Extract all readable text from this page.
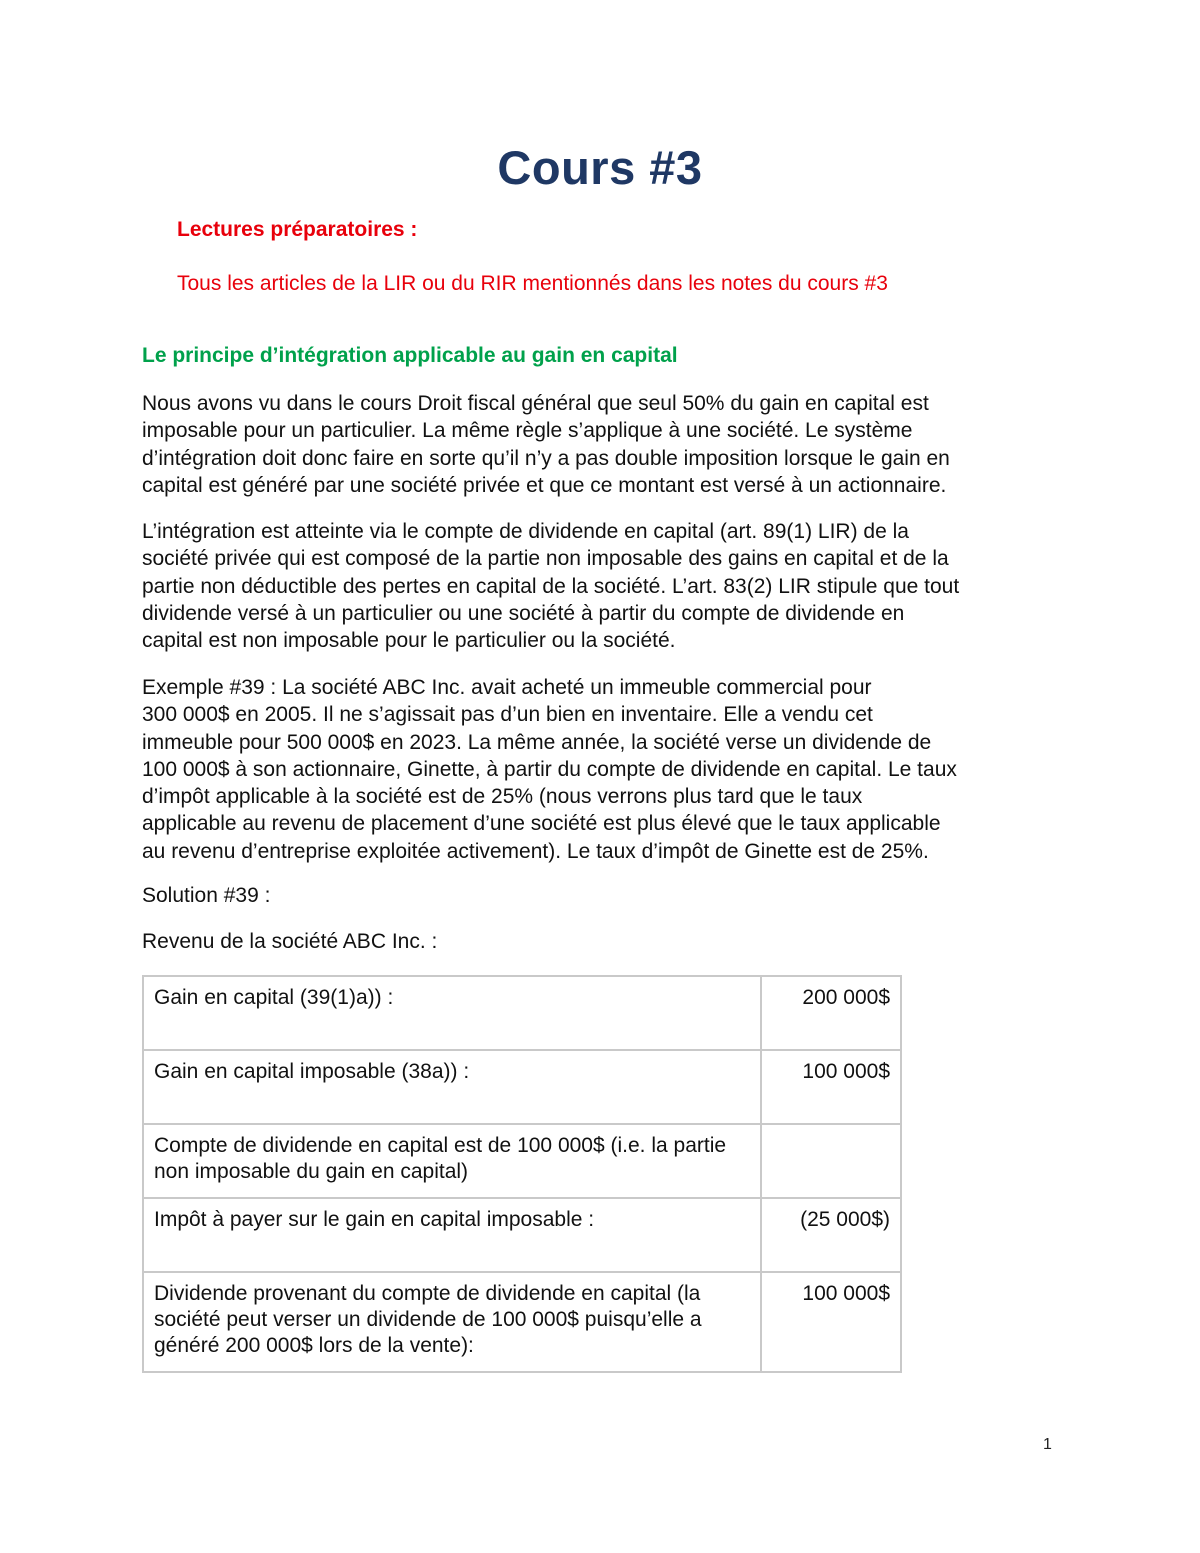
Cours #3
Lectures préparatoires :
Tous les articles de la LIR ou du RIR mentionnés dans les notes du cours #3
Le principe d’intégration applicable au gain en capital

Nous avons vu dans le cours Droit fiscal général que seul 50% du gain en capital est

imposable pour un particulier. La même règle s’applique à une société. Le système

d’intégration doit donc faire en sorte qu’il n’y a pas double imposition lorsque le gain en

capital est généré par une société privée et que ce montant est versé à un actionnaire.

L’intégration est atteinte via le compte de dividende en capital (art. 89(1) LIR) de la

société privée qui est composé de la partie non imposable des gains en capital et de la

partie non déductible des pertes en capital de la société. L’art. 83(2) LIR stipule que tout

dividende versé à un particulier ou une société à partir du compte de dividende en

capital est non imposable pour le particulier ou la société.

Exemple #39 : La société ABC Inc. avait acheté un immeuble commercial pour

300 000$ en 2005. Il ne s’agissait pas d’un bien en inventaire. Elle a vendu cet

immeuble pour 500 000$ en 2023. La même année, la société verse un dividende de

100 000$ à son actionnaire, Ginette, à partir du compte de dividende en capital. Le taux

d’impôt applicable à la société est de 25% (nous verrons plus tard que le taux

applicable au revenu de placement d’une société est plus élevé que le taux applicable

au revenu d’entreprise exploitée activement). Le taux d’impôt de Ginette est de 25%.

Solution #39 :
Revenu de la société ABC Inc. :
Gain en capital (39(1)a)) :	200 000$
Gain en capital imposable (38a)) :	100 000$
Compte de dividende en capital est de 100 000$ (i.e. la partie non imposable du gain en capital)	
Impôt à payer sur le gain en capital imposable :	(25 000$)
Dividende provenant du compte de dividende en capital (la société peut verser un dividende de 100 000$ puisqu’elle a généré 200 000$ lors de la vente):	100 000$
1
